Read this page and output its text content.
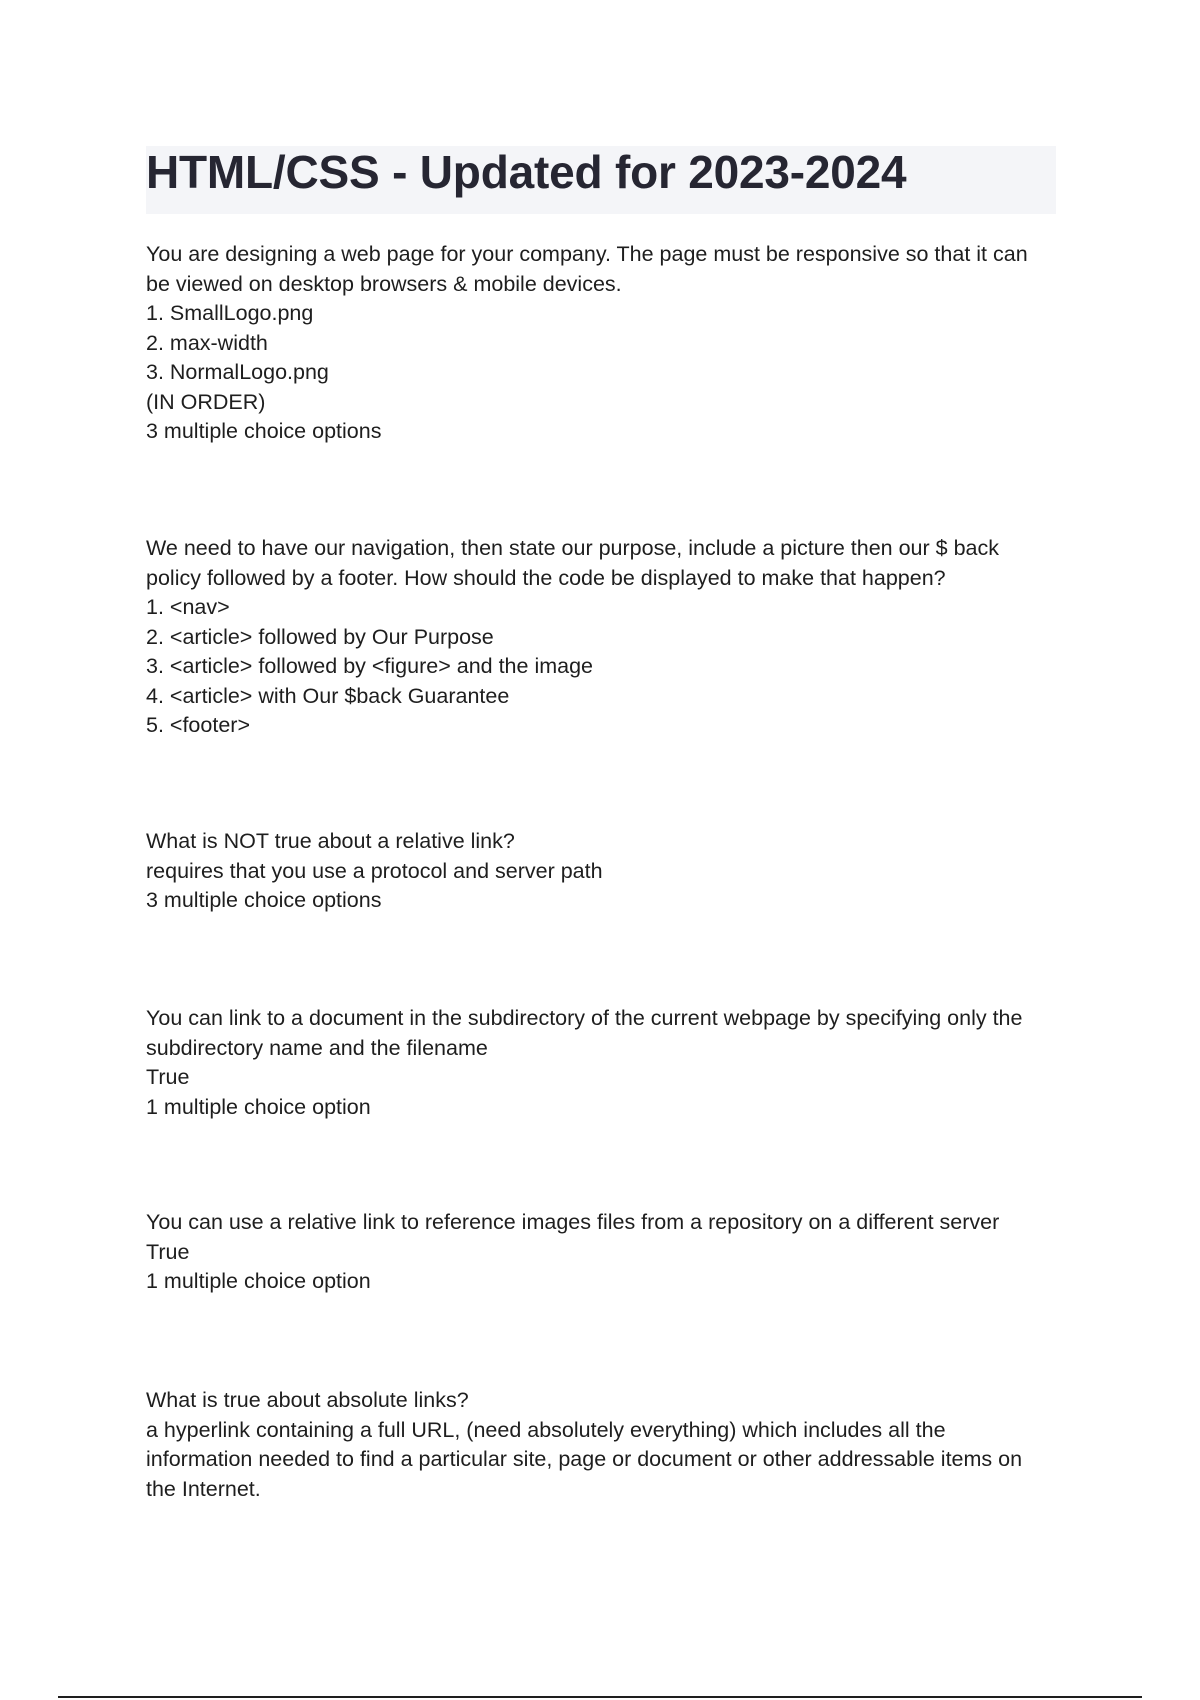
HTML/CSS - Updated for 2023-2024
You are designing a web page for your company. The page must be responsive so that it can
be viewed on desktop browsers & mobile devices.
1. SmallLogo.png
2. max-width
3. NormalLogo.png
(IN ORDER)
3 multiple choice options
We need to have our navigation, then state our purpose, include a picture then our $ back
policy followed by a footer. How should the code be displayed to make that happen?
1. <nav>
2. <article> followed by Our Purpose
3. <article> followed by <figure> and the image
4. <article> with Our $back Guarantee
5. <footer>
What is NOT true about a relative link?
requires that you use a protocol and server path
3 multiple choice options
You can link to a document in the subdirectory of the current webpage by specifying only the
subdirectory name and the filename
True
1 multiple choice option
You can use a relative link to reference images files from a repository on a different server
True
1 multiple choice option
What is true about absolute links?
a hyperlink containing a full URL, (need absolutely everything) which includes all the
information needed to find a particular site, page or document or other addressable items on
the Internet.
